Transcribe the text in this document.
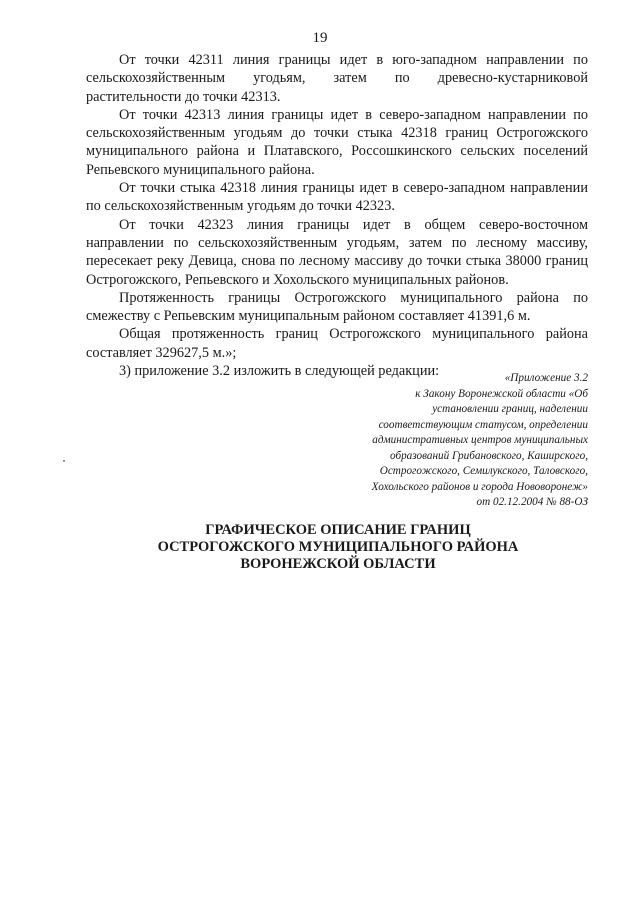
19

От точки 42311 линия границы идет в юго-западном направлении по сельскохозяйственным угодьям, затем по древесно-кустарниковой растительности до точки 42313.

От точки 42313 линия границы идет в северо-западном направлении по сельскохозяйственным угодьям до точки стыка 42318 границ Острогожского муниципального района и Платавского, Россошкинского сельских поселений Репьевского муниципального района.

От точки стыка 42318 линия границы идет в северо-западном направлении по сельскохозяйственным угодьям до точки 42323.

От точки 42323 линия границы идет в общем северо-восточном направлении по сельскохозяйственным угодьям, затем по лесному массиву, пересекает реку Девица, снова по лесному массиву до точки стыка 38000 границ Острогожского, Репьевского и Хохольского муниципальных районов.

Протяженность границы Острогожского муниципального района по смежеству с Репьевским муниципальным районом составляет 41391,6 м.

Общая протяженность границ Острогожского муниципального района составляет 329627,5 м.»;

3) приложение 3.2 изложить в следующей редакции:	«Приложение 3.2
к Закону Воронежской области «Об
установлении границ, наделении
соответствующим статусом, определении
административных центров муниципальных
образований Грибановского, Каширского,
Острогожского, Семилукского, Таловского,
Хохольского районов и города Нововоронеж»
от 02.12.2004 № 88-ОЗ
ГРАФИЧЕСКОЕ ОПИСАНИЕ ГРАНИЦ
ОСТРОГОЖСКОГО МУНИЦИПАЛЬНОГО РАЙОНА
ВОРОНЕЖСКОЙ ОБЛАСТИ
